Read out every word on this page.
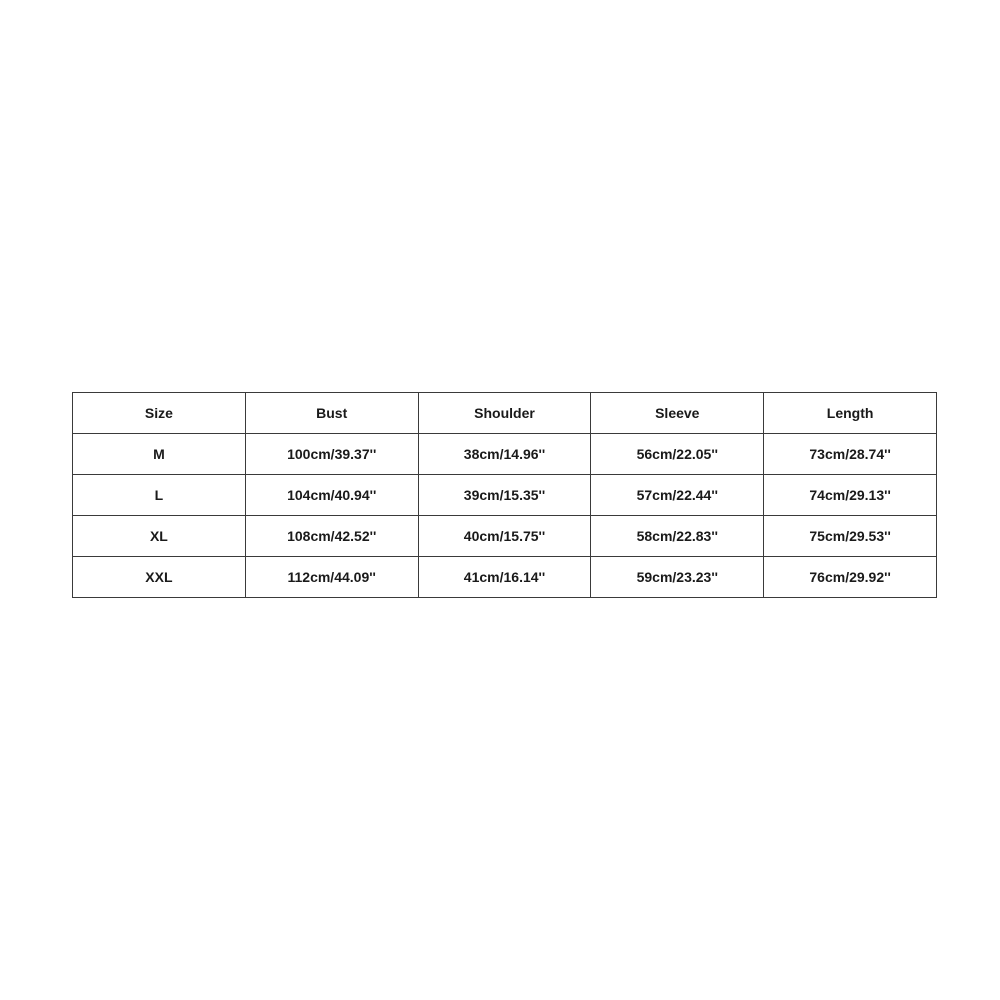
Size	Bust	Shoulder	Sleeve	Length
M	100cm/39.37''	38cm/14.96''	56cm/22.05''	73cm/28.74''
L	104cm/40.94''	39cm/15.35''	57cm/22.44''	74cm/29.13''
XL	108cm/42.52''	40cm/15.75''	58cm/22.83''	75cm/29.53''
XXL	112cm/44.09''	41cm/16.14''	59cm/23.23''	76cm/29.92''
